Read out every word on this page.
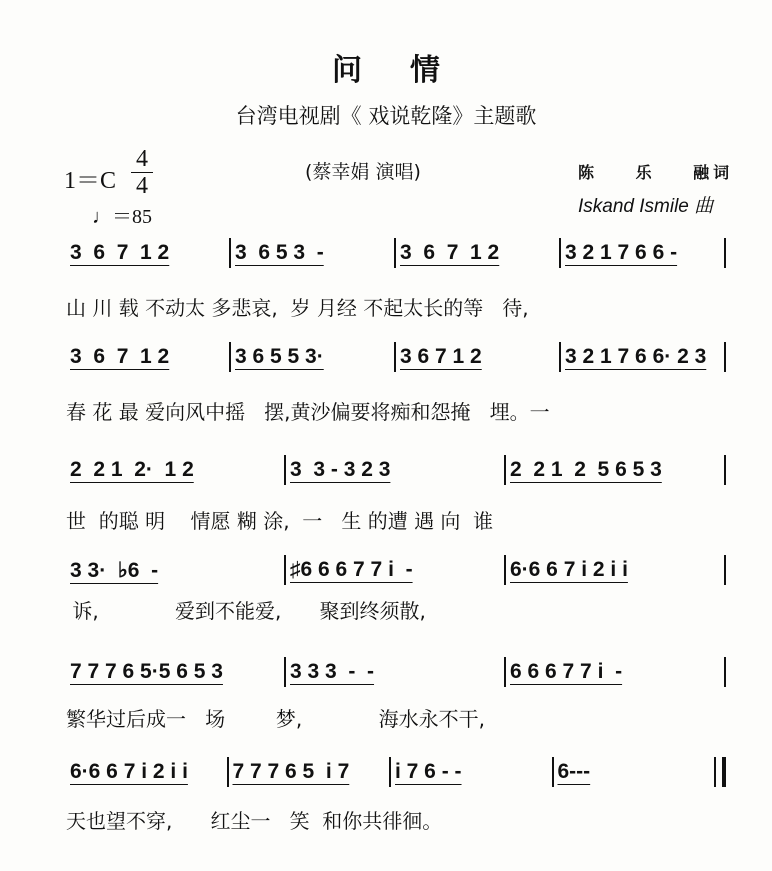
问情
台湾电视剧《 戏说乾隆》主题歌
$1=C \frac{4}{4}$
♩＝85
(蔡幸娟 演唱)	陈 乐 融词
Iskand Ismile 曲
3  6  7  1 2	3  6 5 3  -	3  6  7  1 2	3 2 1 7 6 6 -
山 川 载 不动太 多悲哀,  岁 月经 不起太长的等   待,
3  6  7  1 2	3 6 5 5 3·	3 6 7 1 2	3 2 1 7 6 6· 2 3
春 花 最 爱向风中摇   摆,黄沙偏要将痴和怨掩   埋。一
2  2 1  2·  1 2	3  3 - 3 2 3	2  2 1  2  5 6 5 3
世  的聪 明    情愿 糊 涂,  一   生 的遭 遇 向  谁
3 3·  ♭6  -	♯6 6 6 7 7 i  -	6·6 6 7 i 2 i i
诉,            爱到不能爱,      聚到终须散,
7 7 7 6 5·5 6 5 3	3 3 3  -  -	6 6 6 7 7 i  -
繁华过后成一   场        梦,            海水永不干,
6·6 6 7 i 2 i i	7 7 7 6 5  i 7	i 7 6 - -	6---
天也望不穿,      红尘一   笑  和你共徘徊。
